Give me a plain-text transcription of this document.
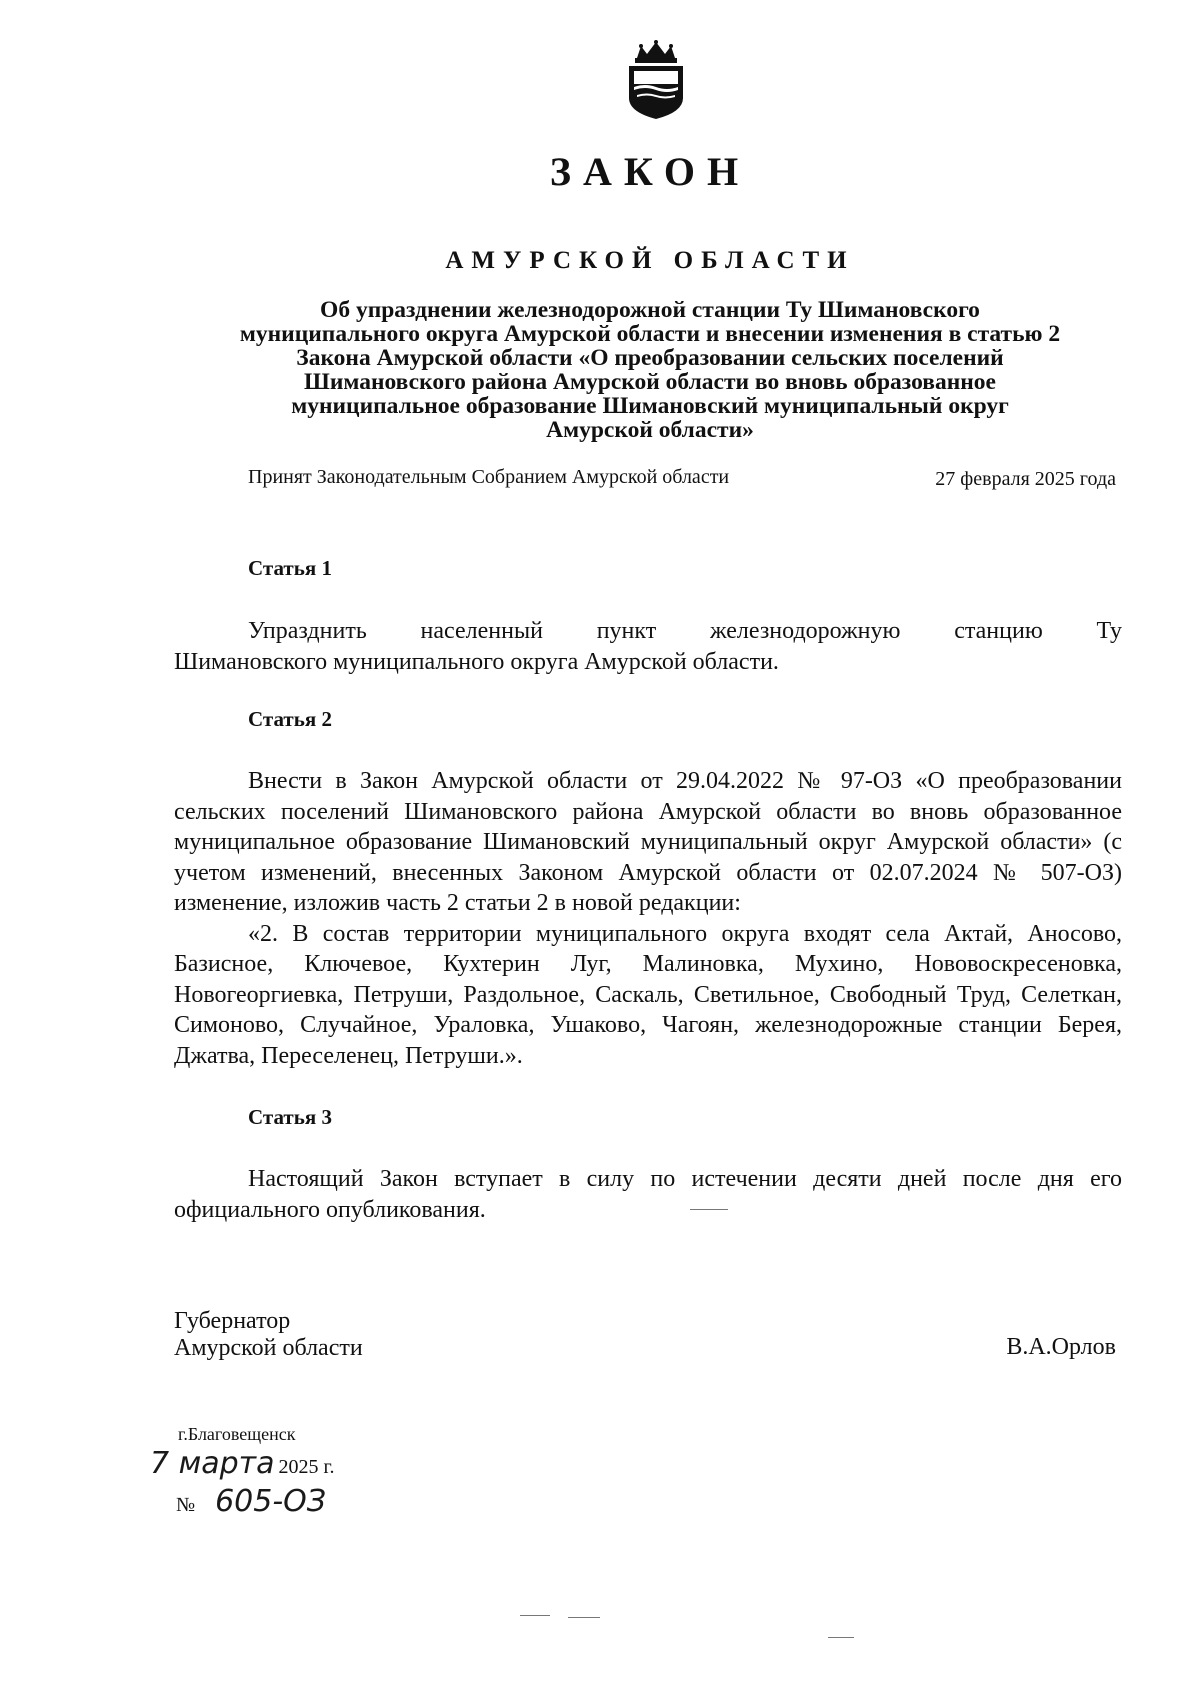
ЗАКОН
АМУРСКОЙ ОБЛАСТИ
Об упразднении железнодорожной станции Ту Шимановского
муниципального округа Амурской области и внесении изменения в статью 2
Закона Амурской области «О преобразовании сельских поселений
Шимановского района Амурской области во вновь образованное
муниципальное образование Шимановский муниципальный округ
Амурской области»
Принят Законодательным Собранием Амурской области	27 февраля 2025 года
Статья 1
Упразднить населенный пункт железнодорожную станцию Ту
Шимановского муниципального округа Амурской области.
Статья 2

Внести в Закон Амурской области от 29.04.2022 № 97-ОЗ «О преобразовании сельских поселений Шимановского района Амурской области во вновь образованное муниципальное образование Шимановский муниципальный округ Амурской области» (с учетом изменений, внесенных Законом Амурской области от 02.07.2024 № 507-ОЗ) изменение, изложив часть 2 статьи 2 в новой редакции:

«2. В состав территории муниципального округа входят села Актай, Аносово, Базисное, Ключевое, Кухтерин Луг, Малиновка, Мухино, Нововоскресеновка, Новогеоргиевка, Петруши, Раздольное, Саскаль, Светильное, Свободный Труд, Селеткан, Симоново, Случайное, Ураловка, Ушаково, Чагоян, железнодорожные станции Берея, Джатва, Переселенец, Петруши.».

Статья 3

Настоящий Закон вступает в силу по истечении десяти дней после дня его официального опубликования.

Губернатор
Амурской области	В.А.Орлов
г.Благовещенск
7 марта 2025 г.
№ 605-ОЗ
